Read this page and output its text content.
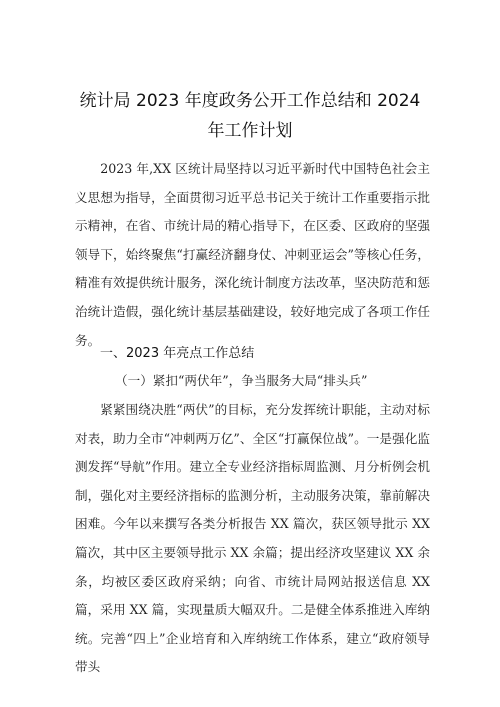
统计局 2023 年度政务公开工作总结和 2024
年工作计划

2023 年,XX 区统计局坚持以习近平新时代中国特色社会主义思想为指导，全面贯彻习近平总书记关于统计工作重要指示批示精神，在省、市统计局的精心指导下，在区委、区政府的坚强领导下，始终聚焦“打赢经济翻身仗、冲刺亚运会”等核心任务，精准有效提供统计服务，深化统计制度方法改革，坚决防范和惩治统计造假，强化统计基层基础建设，较好地完成了各项工作任务。

一、2023 年亮点工作总结
（一）紧扣“两伏年”，争当服务大局“排头兵”

紧紧围绕决胜“两伏”的目标，充分发挥统计职能，主动对标对表，助力全市“冲刺两万亿”、全区“打赢保位战”。一是强化监测发挥“导航”作用。建立全专业经济指标周监测、月分析例会机制，强化对主要经济指标的监测分析，主动服务决策，靠前解决困难。今年以来撰写各类分析报告 XX 篇次，获区领导批示 XX 篇次，其中区主要领导批示 XX 余篇；提出经济攻坚建议 XX 余条，均被区委区政府采纳；向省、市统计局网站报送信息 XX 篇，采用 XX 篇，实现量质大幅双升。二是健全体系推进入库纳统。完善“四上”企业培育和入库纳统工作体系，建立“政府领导带头
